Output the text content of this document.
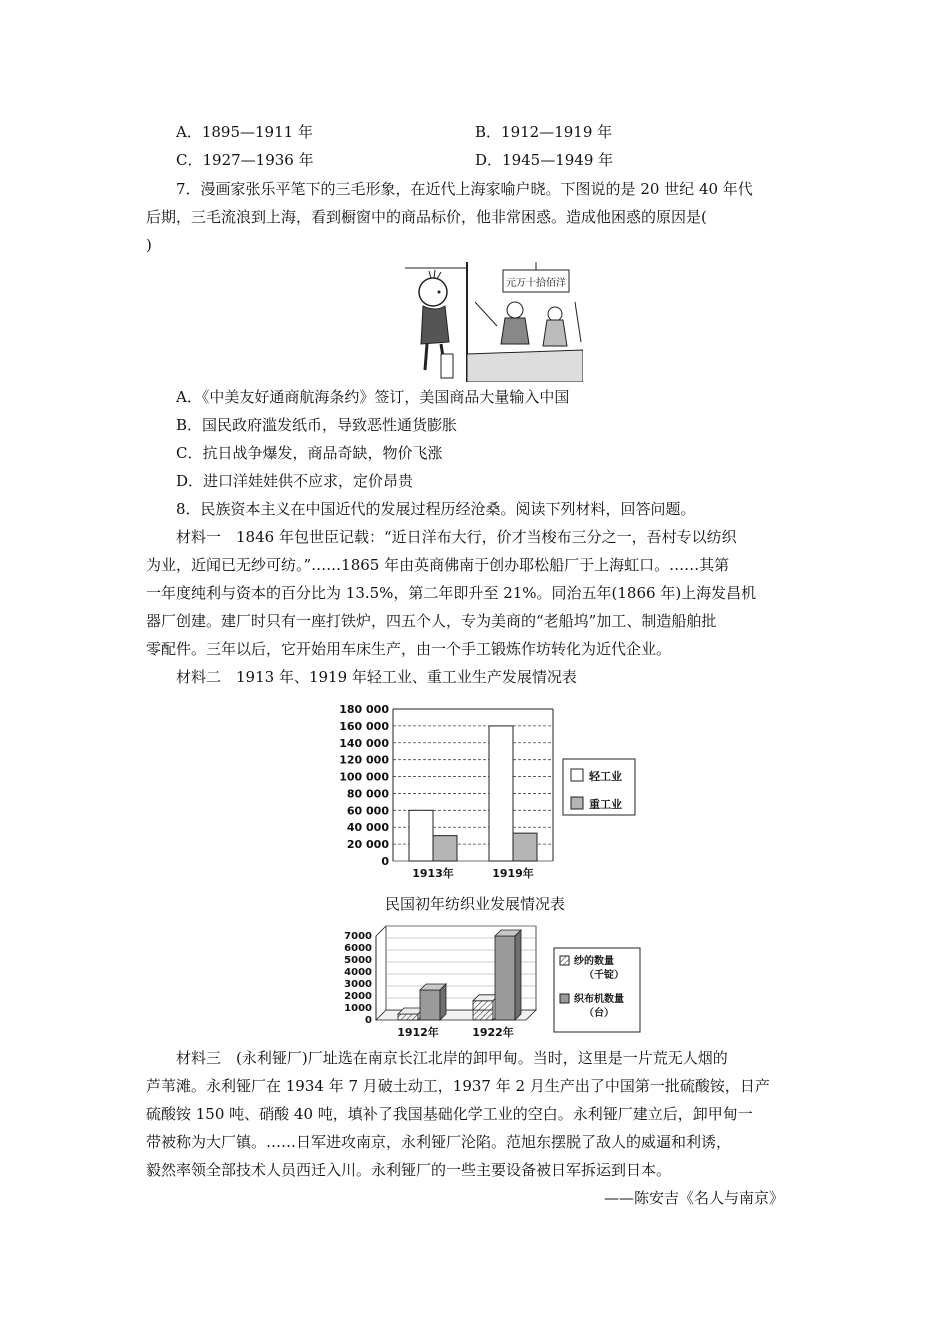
A．1895—1911 年	B．1912—1919 年
C．1927—1936 年	D．1945—1949 年
7．漫画家张乐平笔下的三毛形象，在近代上海家喻户晓。下图说的是 20 世纪 40 年代
后期，三毛流浪到上海，看到橱窗中的商品标价，他非常困惑。造成他困惑的原因是(
)
元万十拾佰洋
A．《中美友好通商航海条约》签订，美国商品大量输入中国
B．国民政府滥发纸币，导致恶性通货膨胀
C．抗日战争爆发，商品奇缺，物价飞涨
D．进口洋娃娃供不应求，定价昂贵
8．民族资本主义在中国近代的发展过程历经沧桑。阅读下列材料，回答问题。
材料一　1846 年包世臣记载：“近日洋布大行，价才当梭布三分之一，吾村专以纺织
为业，近闻已无纱可纺。”……1865 年由英商佛南于创办耶松船厂于上海虹口。……其第
一年度纯利与资本的百分比为 13.5%，第二年即升至 21%。同治五年(1866 年)上海发昌机
器厂创建。建厂时只有一座打铁炉，四五个人，专为美商的“老船坞”加工、制造船舶批
零配件。三年以后，它开始用车床生产，由一个手工锻炼作坊转化为近代企业。
材料二　1913 年、1919 年轻工业、重工业生产发展情况表
0
20 000
40 000
60 000
80 000
100 000
120 000
140 000
160 000
180 000
1913年	1919年
轻工业
重工业
民国初年纺织业发展情况表
0
1000
2000
3000
4000
5000
6000
7000
1912年	1922年
纱的数量
（千锭）
织布机数量
（台）
材料三　(永利铔厂)厂址选在南京长江北岸的卸甲甸。当时，这里是一片荒无人烟的
芦苇滩。永利铔厂在 1934 年 7 月破土动工，1937 年 2 月生产出了中国第一批硫酸铵，日产
硫酸铵 150 吨、硝酸 40 吨，填补了我国基础化学工业的空白。永利铔厂建立后，卸甲甸一
带被称为大厂镇。……日军进攻南京，永利铔厂沦陷。范旭东摆脱了敌人的威逼和利诱，
毅然率领全部技术人员西迁入川。永利铔厂的一些主要设备被日军拆运到日本。
——陈安吉《名人与南京》
